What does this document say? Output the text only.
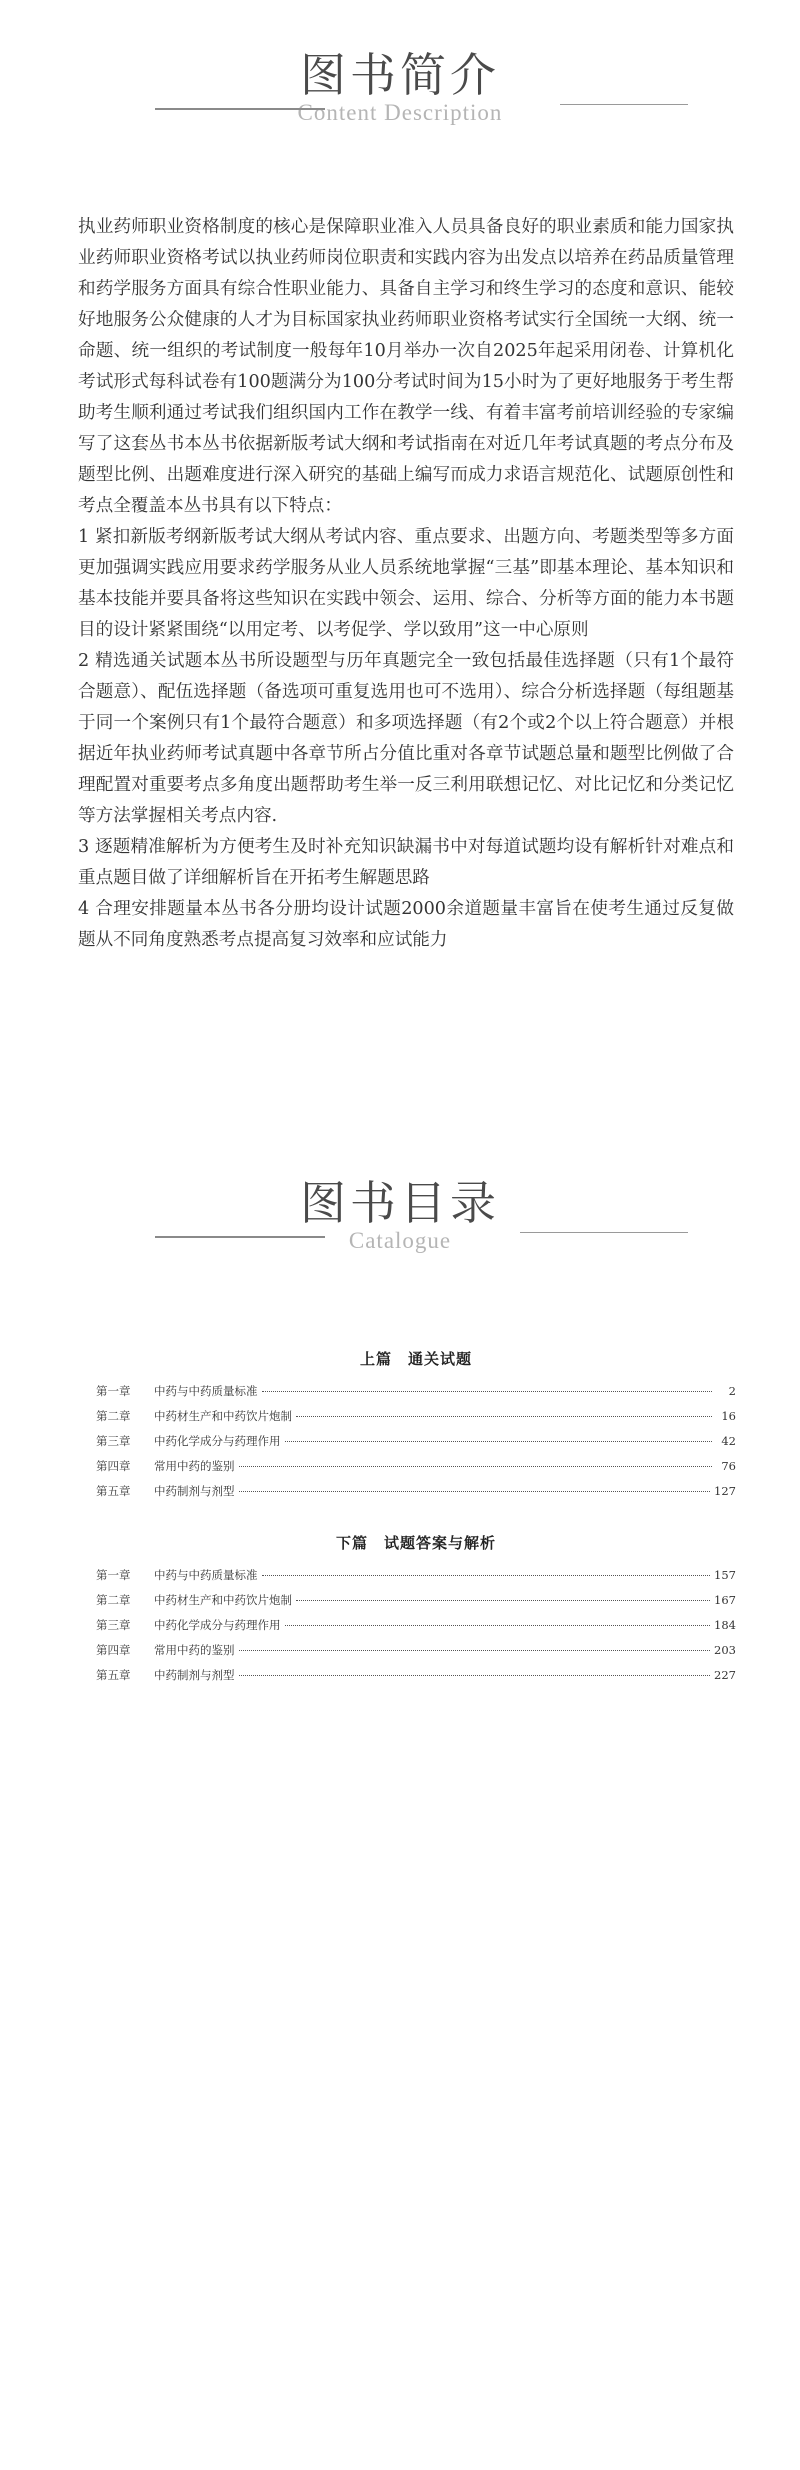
图书简介
Content Description

执业药师职业资格制度的核心是保障职业准入人员具备良好的职业素质和能力国家执业药师职业资格考试以执业药师岗位职责和实践内容为出发点以培养在药品质量管理和药学服务方面具有综合性职业能力、具备自主学习和终生学习的态度和意识、能较好地服务公众健康的人才为目标国家执业药师职业资格考试实行全国统一大纲、统一命题、统一组织的考试制度一般每年10月举办一次自2025年起采用闭卷、计算机化考试形式每科试卷有100题满分为100分考试时间为15小时为了更好地服务于考生帮助考生顺利通过考试我们组织国内工作在教学一线、有着丰富考前培训经验的专家编写了这套丛书本丛书依据新版考试大纲和考试指南在对近几年考试真题的考点分布及题型比例、出题难度进行深入研究的基础上编写而成力求语言规范化、试题原创性和考点全覆盖本丛书具有以下特点：

1 紧扣新版考纲新版考试大纲从考试内容、重点要求、出题方向、考题类型等多方面更加强调实践应用要求药学服务从业人员系统地掌握“三基”即基本理论、基本知识和基本技能并要具备将这些知识在实践中领会、运用、综合、分析等方面的能力本书题目的设计紧紧围绕“以用定考、以考促学、学以致用”这一中心原则

2 精选通关试题本丛书所设题型与历年真题完全一致包括最佳选择题（只有1个最符合题意）、配伍选择题（备选项可重复选用也可不选用）、综合分析选择题（每组题基于同一个案例只有1个最符合题意）和多项选择题（有2个或2个以上符合题意）并根据近年执业药师考试真题中各章节所占分值比重对各章节试题总量和题型比例做了合理配置对重要考点多角度出题帮助考生举一反三利用联想记忆、对比记忆和分类记忆等方法掌握相关考点内容.

3 逐题精准解析为方便考生及时补充知识缺漏书中对每道试题均设有解析针对难点和重点题目做了详细解析旨在开拓考生解题思路

4 合理安排题量本丛书各分册均设计试题2000余道题量丰富旨在使考生通过反复做题从不同角度熟悉考点提高复习效率和应试能力

图书目录
Catalogue
上篇　通关试题
第一章	中药与中药质量标准	2
第二章	中药材生产和中药饮片炮制	16
第三章	中药化学成分与药理作用	42
第四章	常用中药的鉴别	76
第五章	中药制剂与剂型	127
下篇　试题答案与解析
第一章	中药与中药质量标准	157
第二章	中药材生产和中药饮片炮制	167
第三章	中药化学成分与药理作用	184
第四章	常用中药的鉴别	203
第五章	中药制剂与剂型	227
